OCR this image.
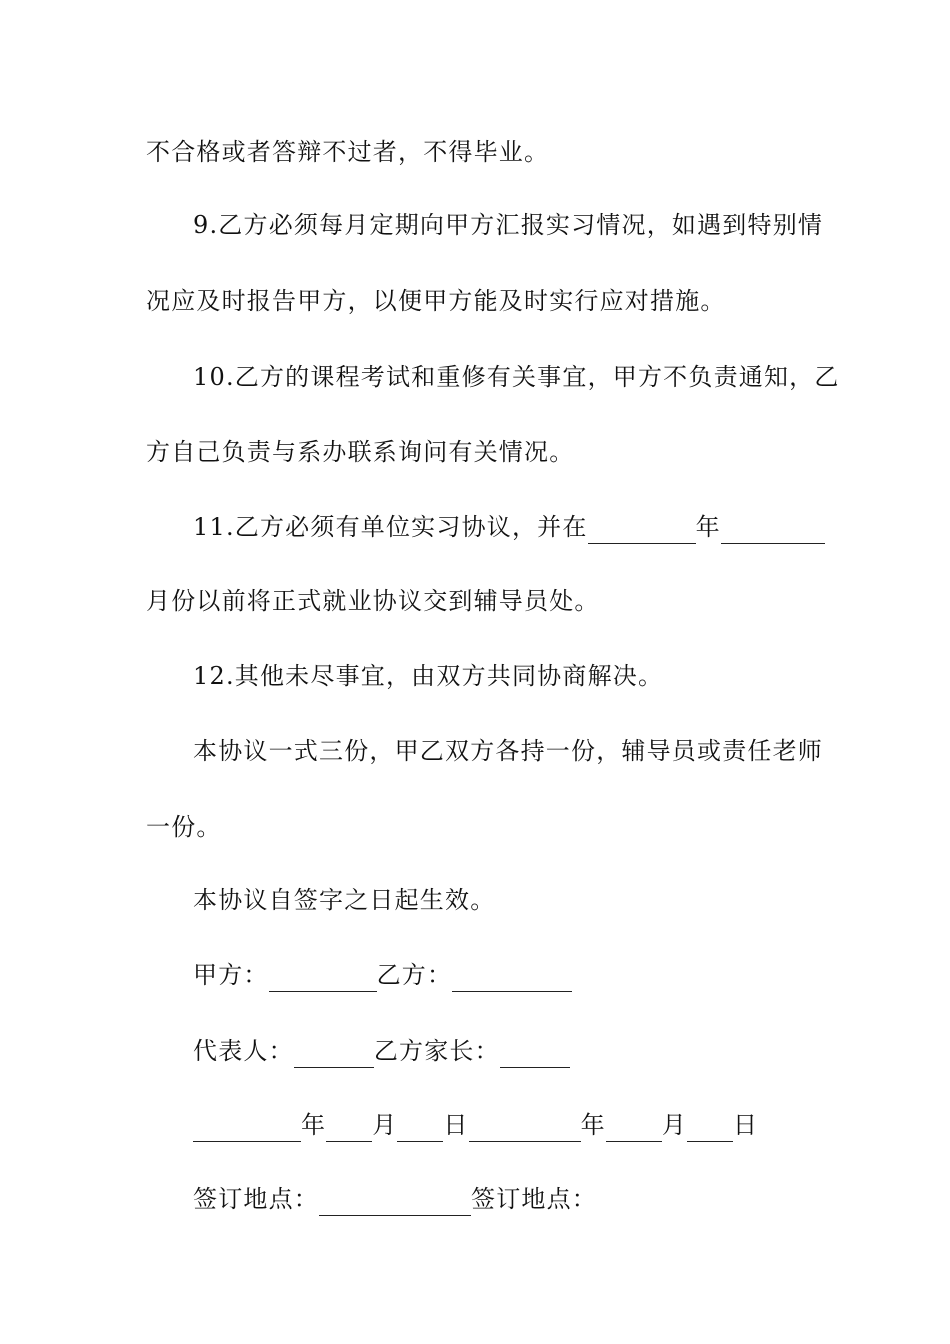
不合格或者答辩不过者，不得毕业。
9.乙方必须每月定期向甲方汇报实习情况，如遇到特别情
况应及时报告甲方，以便甲方能及时实行应对措施。
10.乙方的课程考试和重修有关事宜，甲方不负责通知，乙
方自己负责与系办联系询问有关情况。
11.乙方必须有单位实习协议，并在	年
月份以前将正式就业协议交到辅导员处。
12.其他未尽事宜，由双方共同协商解决。
本协议一式三份，甲乙双方各持一份，辅导员或责任老师
一份。
本协议自签字之日起生效。
甲方：	乙方：
代表人：	乙方家长：
年 月 日	年 月 日
签订地点：	签订地点：
